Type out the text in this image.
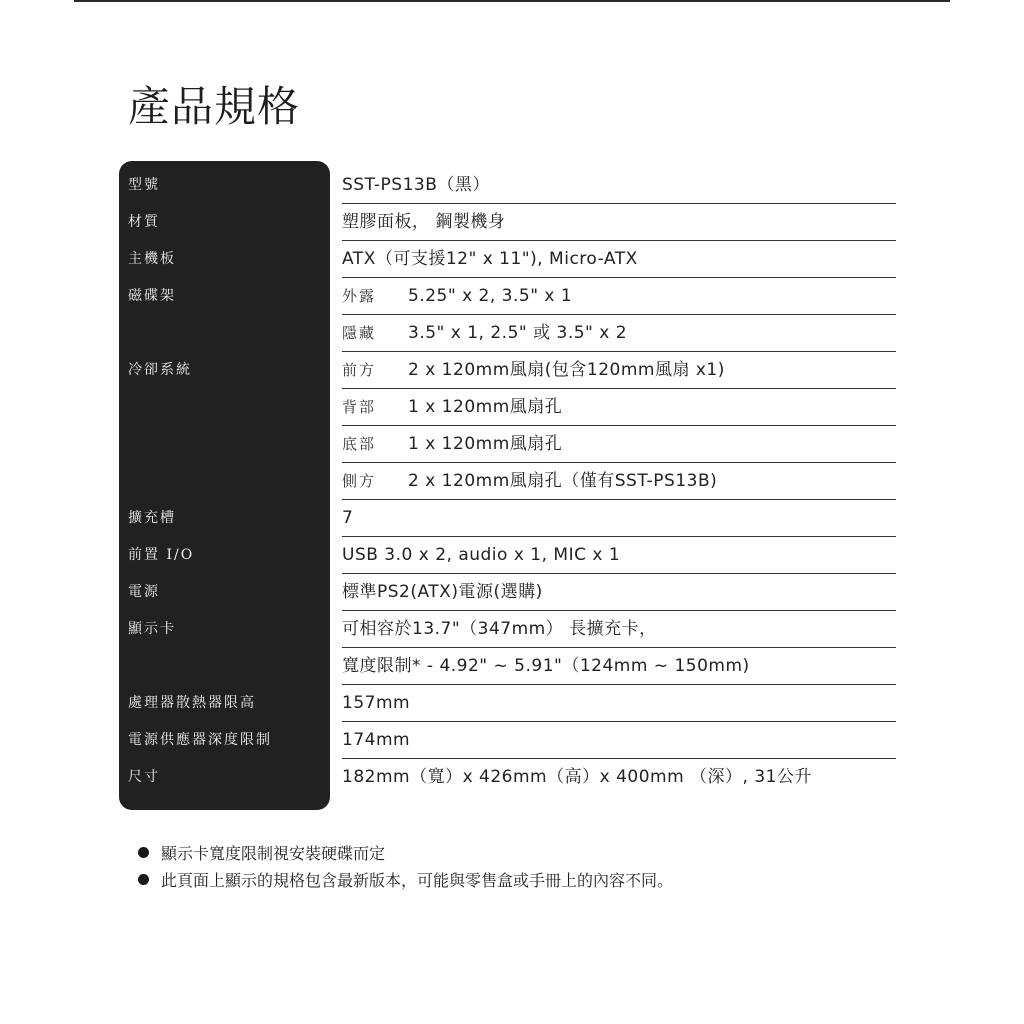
產品規格
型號	SST-PS13B（黑）
材質	塑膠面板， 鋼製機身
主機板	ATX（可支援12" x 11"), Micro-ATX
磁碟架	外露 5.25" x 2, 3.5" x 1
隱藏 3.5" x 1, 2.5" 或 3.5" x 2
冷卻系統	前方 2 x 120mm風扇(包含120mm風扇 x1)
背部 1 x 120mm風扇孔
底部 1 x 120mm風扇孔
側方 2 x 120mm風扇孔（僅有SST-PS13B)
擴充槽	7
前置 I/O	USB 3.0 x 2, audio x 1, MIC x 1
電源	標準PS2(ATX)電源(選購)
顯示卡	可相容於13.7"（347mm） 長擴充卡，
寬度限制* - 4.92" ~ 5.91"（124mm ~ 150mm)
處理器散熱器限高	157mm
電源供應器深度限制	174mm
尺寸	182mm（寬）x 426mm（高）x 400mm （深）, 31公升
顯示卡寬度限制視安裝硬碟而定
此頁面上顯示的規格包含最新版本，可能與零售盒或手冊上的內容不同。
